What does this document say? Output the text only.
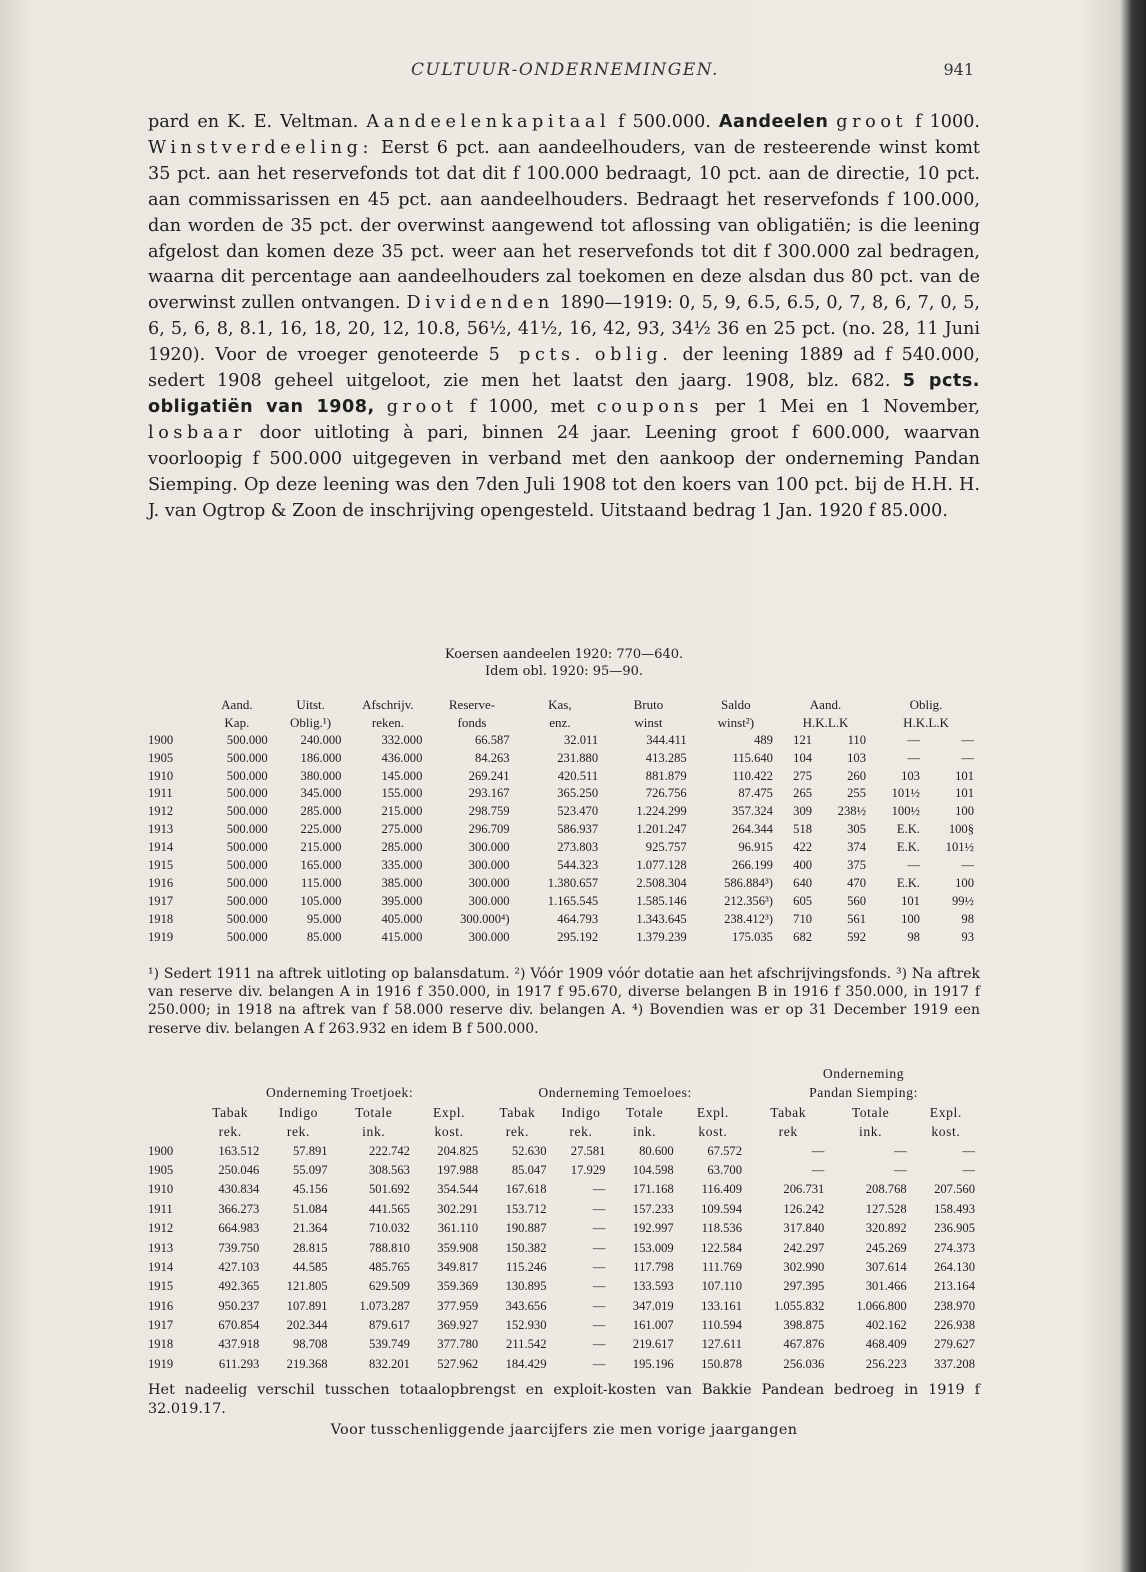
CULTUUR-ONDERNEMINGEN.	941

pard en K. E. Veltman. Aandeelenkapitaal f 500.000. Aandeelen groot f 1000. Winstverdeeling: Eerst 6 pct. aan aandeelhouders, van de resteerende winst komt 35 pct. aan het reservefonds tot dat dit f 100.000 bedraagt, 10 pct. aan de directie, 10 pct. aan commissarissen en 45 pct. aan aandeelhouders. Bedraagt het reservefonds f 100.000, dan worden de 35 pct. der overwinst aangewend tot aflossing van obligatiën; is die leening afgelost dan komen deze 35 pct. weer aan het reservefonds tot dit f 300.000 zal bedragen, waarna dit percentage aan aandeelhouders zal toekomen en deze alsdan dus 80 pct. van de overwinst zullen ontvangen. Dividenden 1890—1919: 0, 5, 9, 6.5, 6.5, 0, 7, 8, 6, 7, 0, 5, 6, 5, 6, 8, 8.1, 16, 18, 20, 12, 10.8, 56½, 41½, 16, 42, 93, 34½ 36 en 25 pct. (no. 28, 11 Juni 1920). Voor de vroeger genoteerde 5 pcts. oblig. der leening 1889 ad f 540.000, sedert 1908 geheel uitgeloot, zie men het laatst den jaarg. 1908, blz. 682. 5 pcts. obligatiën van 1908, groot f 1000, met coupons per 1 Mei en 1 November, losbaar door uitloting à pari, binnen 24 jaar. Leening groot f 600.000, waarvan voorloopig f 500.000 uitgegeven in verband met den aankoop der onderneming Pandan Siemping. Op deze leening was den 7den Juli 1908 tot den koers van 100 pct. bij de H.H. H. J. van Ogtrop & Zoon de inschrijving opengesteld. Uitstaand bedrag 1 Jan. 1920 f 85.000.

Koersen aandeelen 1920: 770—640.
Idem obl. 1920: 95—90.
	Aand.	Uitst.	Afschrijv.	Reserve-	Kas,	Bruto	Saldo	Aand.		Oblig.	
	Kap.	Oblig.¹)	reken.	fonds	enz.	winst	winst²)	H.K.L.K		H.K.L.K	
1900	500.000	240.000	332.000	66.587	32.011	344.411	489	121	110	—	—
1905	500.000	186.000	436.000	84.263	231.880	413.285	115.640	104	103	—	—
1910	500.000	380.000	145.000	269.241	420.511	881.879	110.422	275	260	103	101
1911	500.000	345.000	155.000	293.167	365.250	726.756	87.475	265	255	101½	101
1912	500.000	285.000	215.000	298.759	523.470	1.224.299	357.324	309	238½	100½	100
1913	500.000	225.000	275.000	296.709	586.937	1.201.247	264.344	518	305	E.K.	100§
1914	500.000	215.000	285.000	300.000	273.803	925.757	96.915	422	374	E.K.	101½
1915	500.000	165.000	335.000	300.000	544.323	1.077.128	266.199	400	375	—	—
1916	500.000	115.000	385.000	300.000	1.380.657	2.508.304	586.884³)	640	470	E.K.	100
1917	500.000	105.000	395.000	300.000	1.165.545	1.585.146	212.356³)	605	560	101	99½
1918	500.000	95.000	405.000	300.000⁴)	464.793	1.343.645	238.412³)	710	561	100	98
1919	500.000	85.000	415.000	300.000	295.192	1.379.239	175.035	682	592	98	93

¹) Sedert 1911 na aftrek uitloting op balansdatum. ²) Vóór 1909 vóór dotatie aan het afschrijvingsfonds. ³) Na aftrek van reserve div. belangen A in 1916 f 350.000, in 1917 f 95.670, diverse belangen B in 1916 f 350.000, in 1917 f 250.000; in 1918 na aftrek van f 58.000 reserve div. belangen A. ⁴) Bovendien was er op 31 December 1919 een reserve div. belangen A f 263.932 en idem B f 500.000.

									Onderneming		
	Onderneming Troetjoek:				Onderneming Temoeloes:				Pandan Siemping:		
	Tabak	Indigo	Totale	Expl.	Tabak	Indigo	Totale	Expl.	Tabak	Totale	Expl.
	rek.	rek.	ink.	kost.	rek.	rek.	ink.	kost.	rek	ink.	kost.
1900	163.512	57.891	222.742	204.825	52.630	27.581	80.600	67.572	—	—	—
1905	250.046	55.097	308.563	197.988	85.047	17.929	104.598	63.700	—	—	—
1910	430.834	45.156	501.692	354.544	167.618	—	171.168	116.409	206.731	208.768	207.560
1911	366.273	51.084	441.565	302.291	153.712	—	157.233	109.594	126.242	127.528	158.493
1912	664.983	21.364	710.032	361.110	190.887	—	192.997	118.536	317.840	320.892	236.905
1913	739.750	28.815	788.810	359.908	150.382	—	153.009	122.584	242.297	245.269	274.373
1914	427.103	44.585	485.765	349.817	115.246	—	117.798	111.769	302.990	307.614	264.130
1915	492.365	121.805	629.509	359.369	130.895	—	133.593	107.110	297.395	301.466	213.164
1916	950.237	107.891	1.073.287	377.959	343.656	—	347.019	133.161	1.055.832	1.066.800	238.970
1917	670.854	202.344	879.617	369.927	152.930	—	161.007	110.594	398.875	402.162	226.938
1918	437.918	98.708	539.749	377.780	211.542	—	219.617	127.611	467.876	468.409	279.627
1919	611.293	219.368	832.201	527.962	184.429	—	195.196	150.878	256.036	256.223	337.208

Het nadeelig verschil tusschen totaalopbrengst en exploit-kosten van Bakkie Pandean bedroeg in 1919 f 32.019.17.

Voor tusschenliggende jaarcijfers zie men vorige jaargangen
